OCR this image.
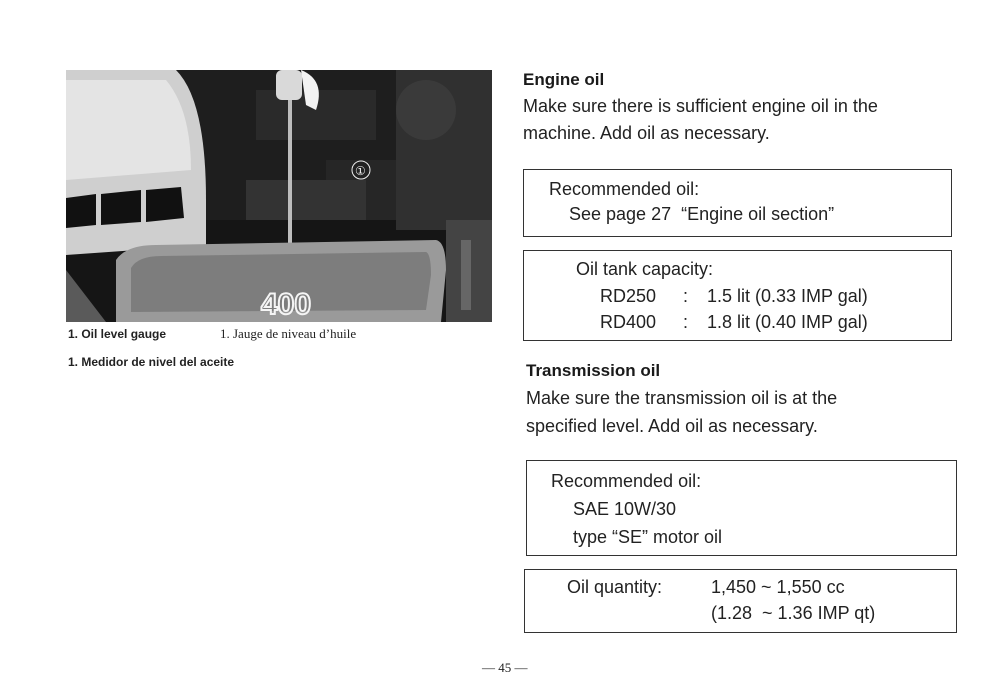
400
①
1. Oil level gauge	1. Jauge de niveau d’huile
1. Medidor de nivel del aceite
Engine oil
Make sure there is sufficient engine oil in the
machine. Add oil as necessary.
Recommended oil:
See page 27  “Engine oil section”
Oil tank capacity:
RD250 : 1.5 lit (0.33 IMP gal)
RD400 : 1.8 lit (0.40 IMP gal)
Transmission oil
Make sure the transmission oil is at the
specified level. Add oil as necessary.
Recommended oil:
SAE 10W/30
type “SE” motor oil
Oil quantity:	1,450 ~ 1,550 cc
(1.28  ~ 1.36 IMP qt)
— 45 —
